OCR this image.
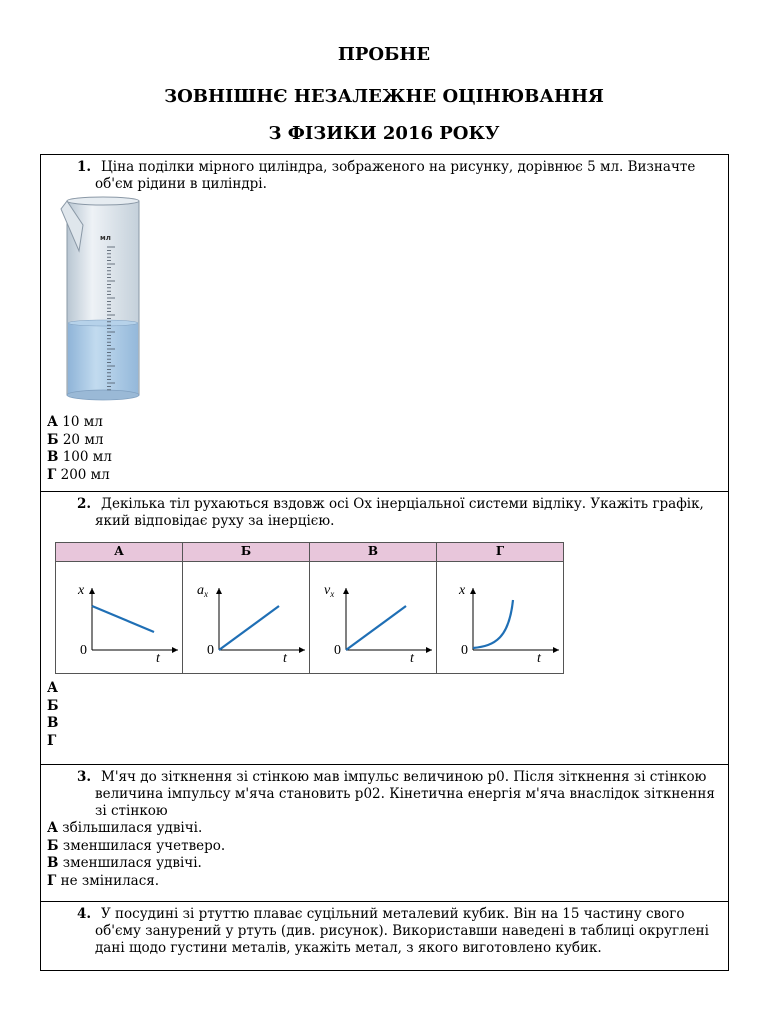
ПРОБНЕ
ЗОВНІШНЄ НЕЗАЛЕЖНЕ ОЦІНЮВАННЯ
З ФІЗИКИ 2016 РОКУ
1. Ціна поділки мірного циліндра, зображеного на рисунку, дорівнює 5 мл. Визначте об'єм рідини в циліндрі.
мл
А 10 мл
Б 20 мл
В 100 мл
Г 200 мл

2. Декілька тіл рухаються вздовж осі Ох інерціальної системи відліку. Укажіть графік, який відповідає руху за інерцією.
А	Б	В	Г

x
t
0

$a_x$
t
0

$v_x$
t
0

x
t
0
А
Б
В
Г

3. М'яч до зіткнення зі стінкою мав імпульс величиною p0. Після зіткнення зі стінкою величина імпульсу м'яча становить p02. Кінетична енергія м'яча внаслідок зіткнення зі стінкою
А збільшилася удвічі.
Б зменшилася учетверо.
В зменшилася удвічі.
Г не змінилася.

4. У посудині зі ртуттю плаває суцільний металевий кубик. Він на 15 частину свого об'єму занурений у ртуть (див. рисунок). Використавши наведені в таблиці округлені дані щодо густини металів, укажіть метал, з якого виготовлено кубик.
